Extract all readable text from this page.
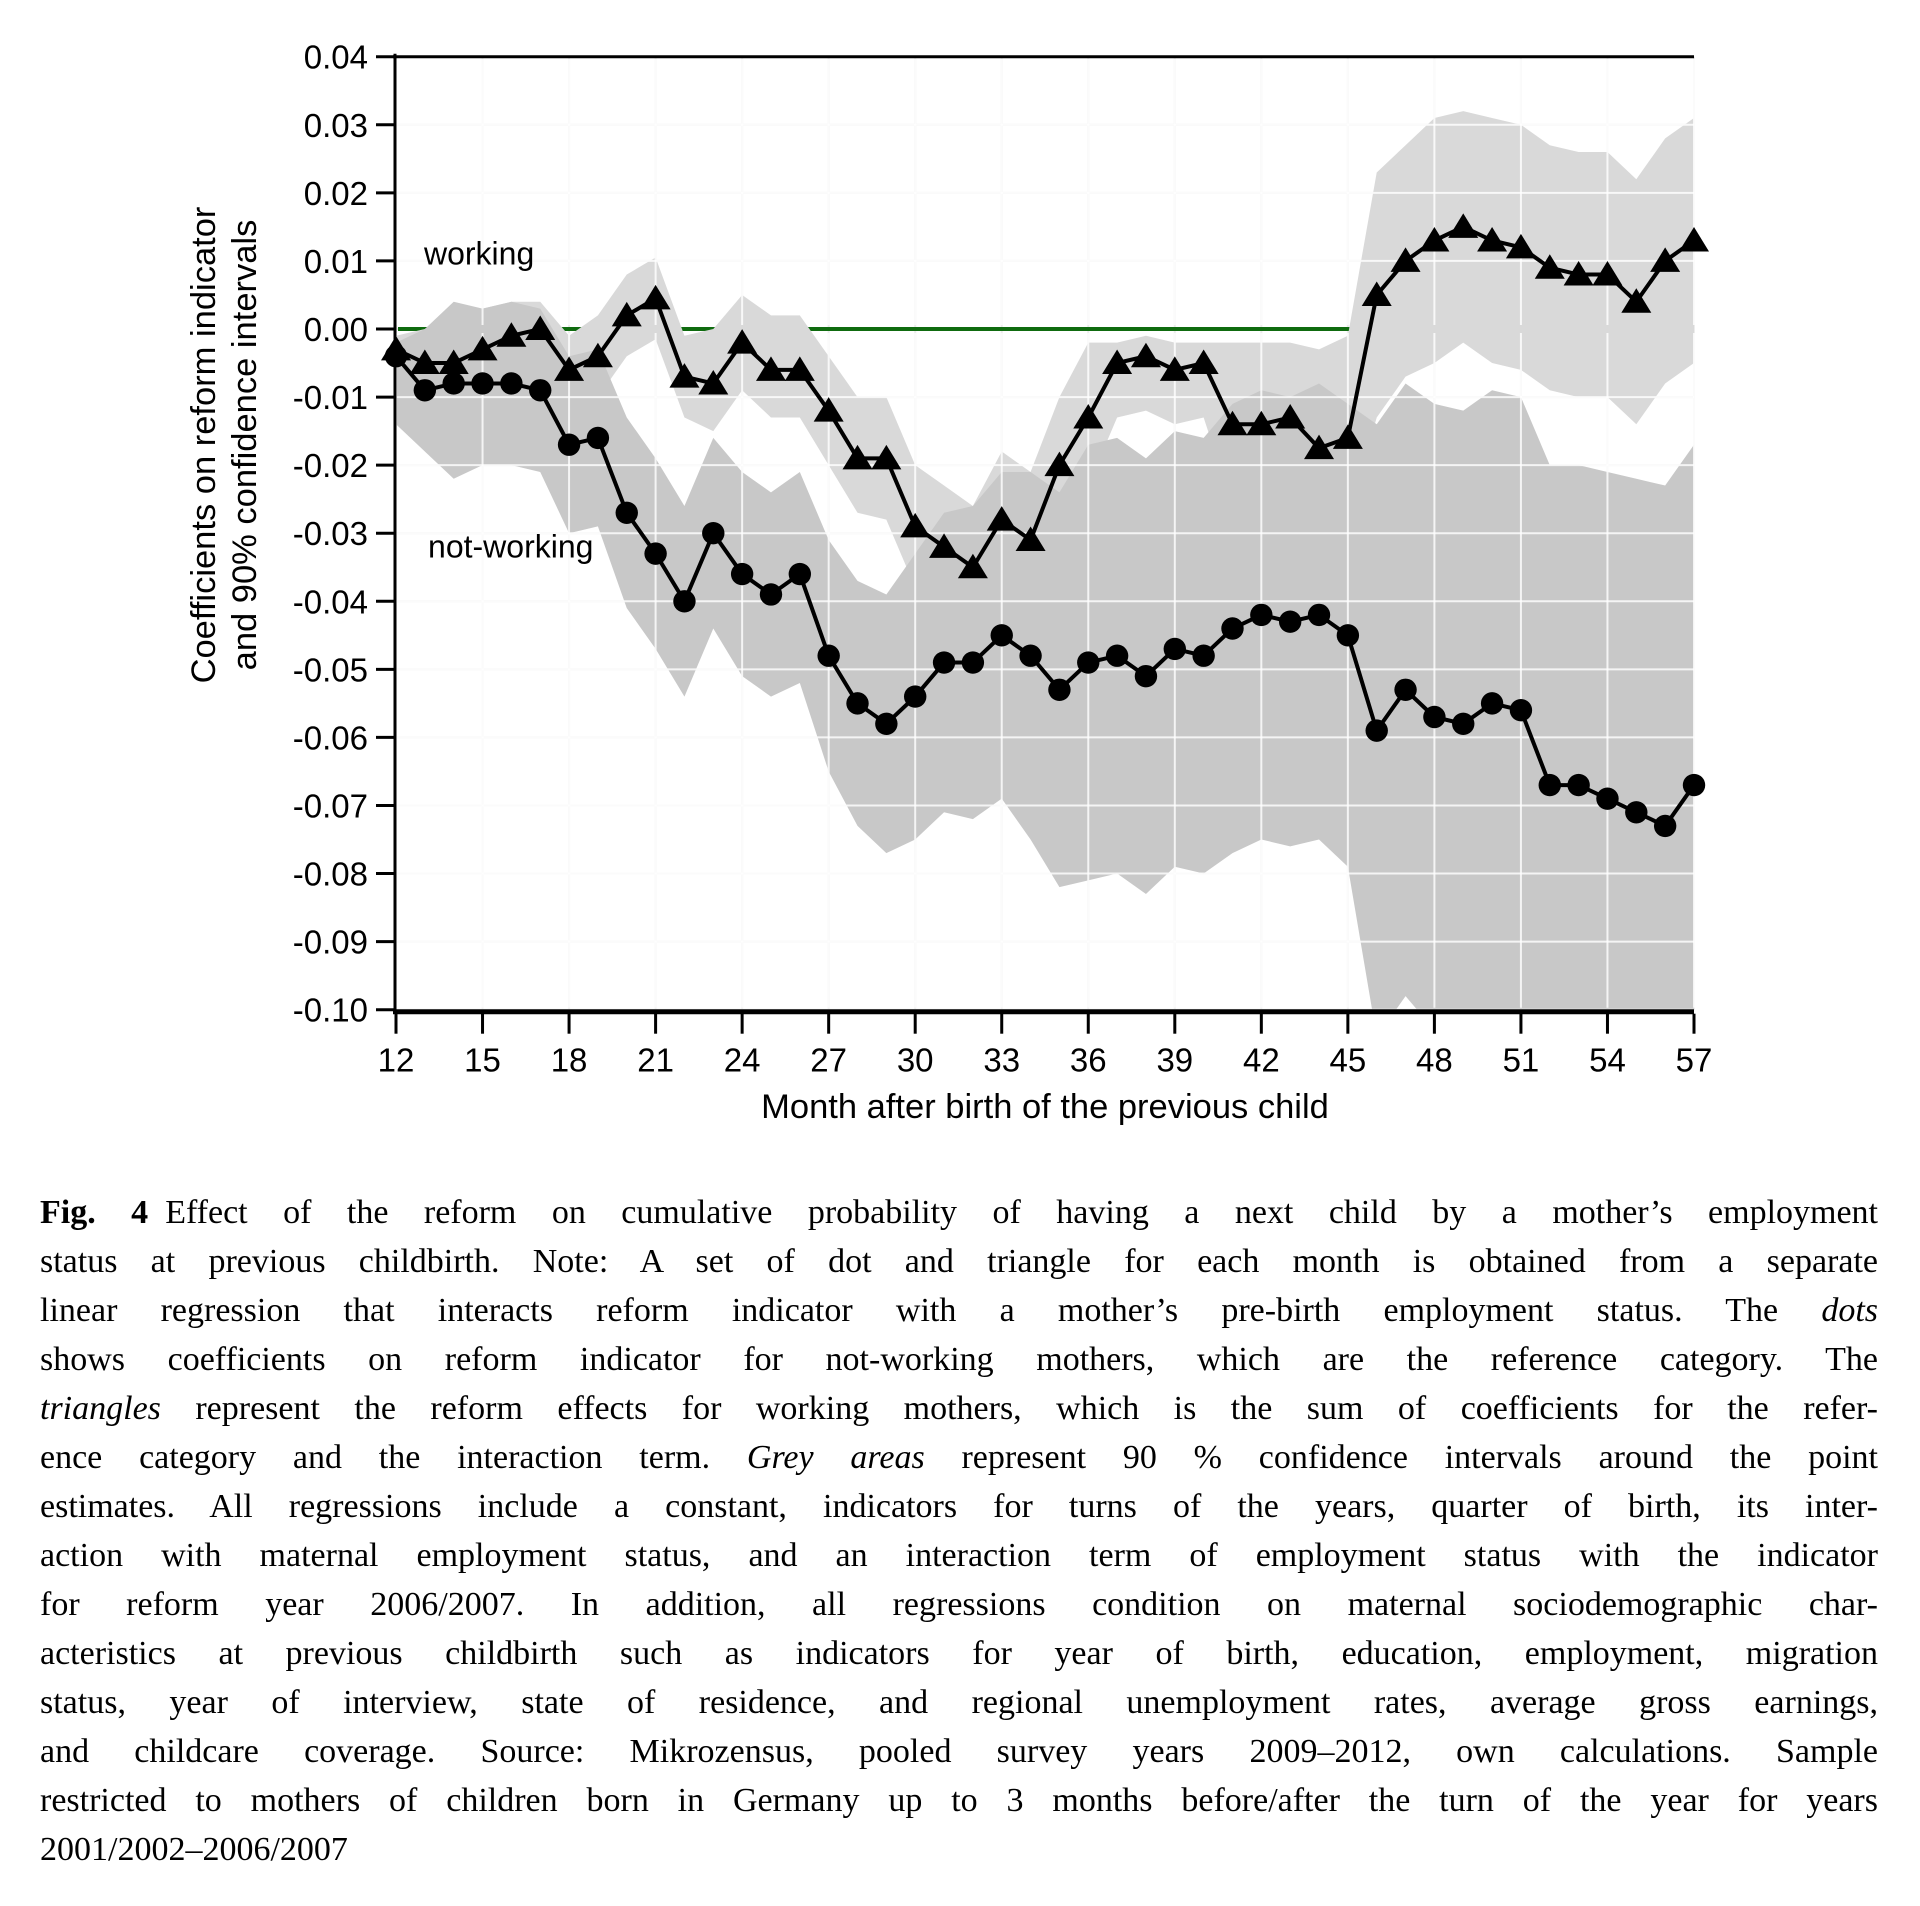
0.04
0.03
0.02
0.01
0.00
-0.01
-0.02
-0.03
-0.04
-0.05
-0.06
-0.07
-0.08
-0.09
-0.10
12 15 18 21 24 27 30 33 36 39 42 45 48 51 54 57
working
not-working
Month after birth of the previous child
Coefficients on reform indicator and 90% confidence intervals
Fig. 4 Effect of the reform on cumulative probability of having a next child by a mother’s employment
status at previous childbirth. Note: A set of dot and triangle for each month is obtained from a separate
linear regression that interacts reform indicator with a mother’s pre-birth employment status. The dots
shows coefficients on reform indicator for not-working mothers, which are the reference category. The
triangles represent the reform effects for working mothers, which is the sum of coefficients for the refer-
ence category and the interaction term. Grey areas represent 90 % confidence intervals around the point
estimates. All regressions include a constant, indicators for turns of the years, quarter of birth, its inter-
action with maternal employment status, and an interaction term of employment status with the indicator
for reform year 2006/2007. In addition, all regressions condition on maternal sociodemographic char-
acteristics at previous childbirth such as indicators for year of birth, education, employment, migration
status, year of interview, state of residence, and regional unemployment rates, average gross earnings,
and childcare coverage. Source: Mikrozensus, pooled survey years 2009–2012, own calculations. Sample
restricted to mothers of children born in Germany up to 3 months before/after the turn of the year for years
2001/2002–2006/2007
